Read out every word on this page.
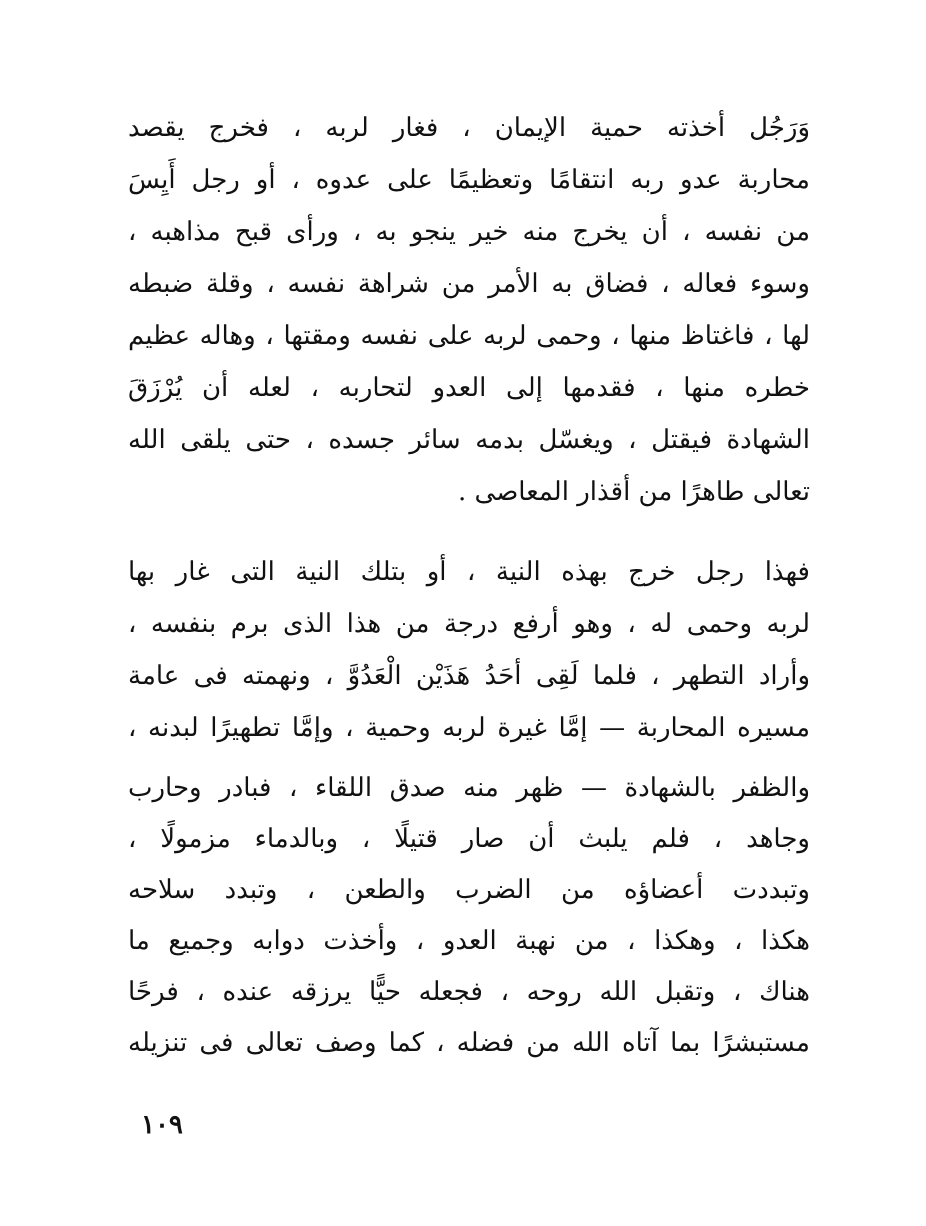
وَرَجُل أخذته حمية الإيمان ، فغار لربه ، فخرج يقصد
محاربة عدو ربه انتقامًا وتعظيمًا على عدوه ، أو رجل أَيِسَ
من نفسه ، أن يخرج منه خير ينجو به ، ورأى قبح مذاهبه ،
وسوء فعاله ، فضاق به الأمر من شراهة نفسه ، وقلة ضبطه
لها ، فاغتاظ منها ، وحمى لربه على نفسه ومقتها ، وهاله عظيم
خطره منها ، فقدمها إلى العدو لتحاربه ، لعله أن يُرْزَقَ
الشهادة فيقتل ، ويغسّل بدمه سائر جسده ، حتى يلقى الله
تعالى طاهرًا من أقذار المعاصى .
فهذا رجل خرج بهذه النية ، أو بتلك النية التى غار بها
لربه وحمى له ، وهو أرفع درجة من هذا الذى برم بنفسه ،
وأراد التطهر ، فلما لَقِى أحَدُ هَذَيْن الْعَدُوَّ ، ونهمته فى عامة
مسيره المحاربة — إمَّا غيرة لربه وحمية ، وإمَّا تطهيرًا لبدنه ،
والظفر بالشهادة — ظهر منه صدق اللقاء ، فبادر وحارب
وجاهد ، فلم يلبث أن صار قتيلًا ، وبالدماء مزمولًا ،
وتبددت أعضاؤه من الضرب والطعن ، وتبدد سلاحه
هكذا ، وهكذا ، من نهبة العدو ، وأخذت دوابه وجميع ما
هناك ، وتقبل الله روحه ، فجعله حيًّا يرزقه عنده ، فرحًا
مستبشرًا بما آتاه الله من فضله ، كما وصف تعالى فى تنزيله
١٠٩
